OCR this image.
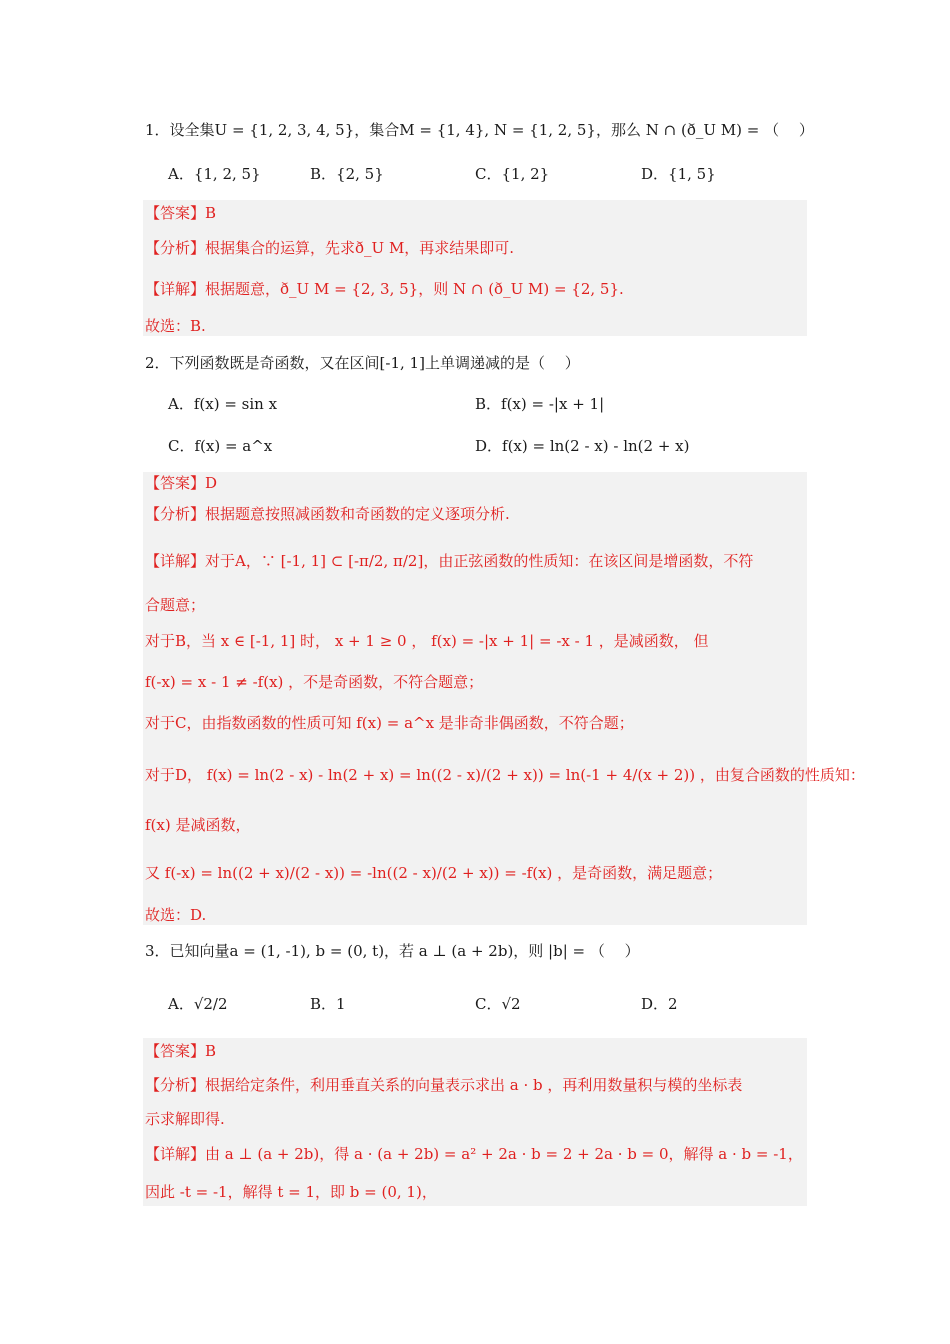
1．设全集U = {1, 2, 3, 4, 5}，集合M = {1, 4}, N = {1, 2, 5}，那么 N ∩ (ð_U M) = （　 ）
A．{1, 2, 5}	B．{2, 5}	C．{1, 2}	D．{1, 5}
【答案】B
【分析】根据集合的运算，先求ð_U M，再求结果即可.
【详解】根据题意，ð_U M = {2, 3, 5}，则 N ∩ (ð_U M) = {2, 5}.
故选：B.
2．下列函数既是奇函数，又在区间[-1, 1]上单调递减的是（　 ）
A．f(x) = sin x	B．f(x) = -|x + 1|
C．f(x) = a^x	D．f(x) = ln(2 - x) - ln(2 + x)
【答案】D
【分析】根据题意按照减函数和奇函数的定义逐项分析.
【详解】对于A，∵ [-1, 1] ⊂ [-π/2, π/2]，由正弦函数的性质知：在该区间是增函数，不符
合题意；
对于B，当 x ∈ [-1, 1] 时， x + 1 ≥ 0 ， f(x) = -|x + 1| = -x - 1 ，是减函数， 但
f(-x) = x - 1 ≠ -f(x) ，不是奇函数，不符合题意；
对于C，由指数函数的性质可知 f(x) = a^x 是非奇非偶函数，不符合题；
对于D， f(x) = ln(2 - x) - ln(2 + x) = ln((2 - x)/(2 + x)) = ln(-1 + 4/(x + 2)) ，由复合函数的性质知：
f(x) 是减函数，
又 f(-x) = ln((2 + x)/(2 - x)) = -ln((2 - x)/(2 + x)) = -f(x) ，是奇函数，满足题意；
故选：D.
3．已知向量a = (1, -1), b = (0, t)，若 a ⊥ (a + 2b)，则 |b| = （　 ）
A．√2/2	B．1	C．√2	D．2
【答案】B
【分析】根据给定条件，利用垂直关系的向量表示求出 a · b ，再利用数量积与模的坐标表
示求解即得.
【详解】由 a ⊥ (a + 2b)，得 a · (a + 2b) = a² + 2a · b = 2 + 2a · b = 0，解得 a · b = -1，
因此 -t = -1，解得 t = 1，即 b = (0, 1)，
